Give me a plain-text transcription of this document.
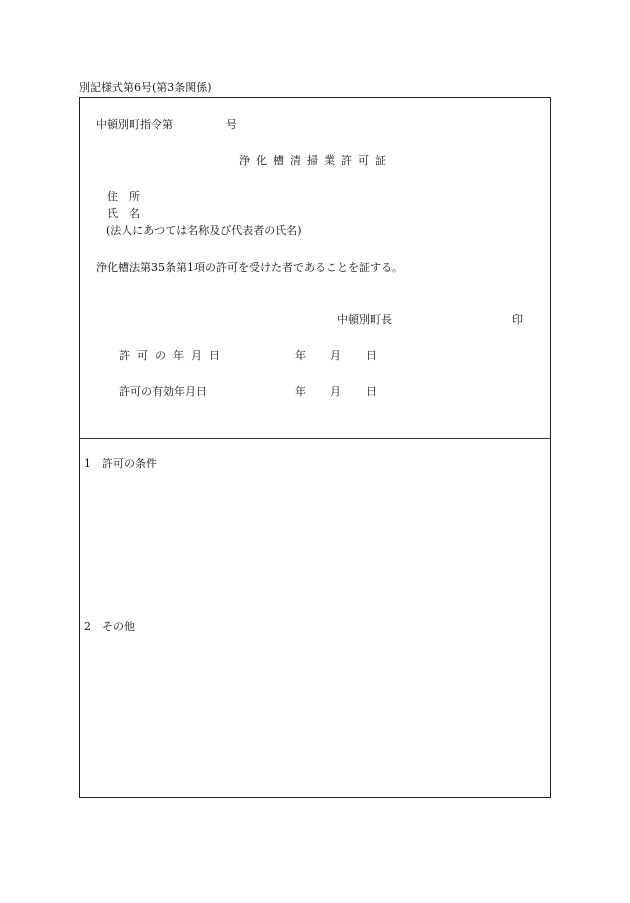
別記様式第6号(第3条関係)
中頓別町指令第	号
浄化槽清掃業許可証
住　所
氏　名
(法人にあつては名称及び代表者の氏名)
浄化槽法第35条第1項の許可を受けた者であることを証する。
中頓別町長	印
許可の年月日	年 月 日
許可の有効年月日	年 月 日
1　許可の条件
2　その他
